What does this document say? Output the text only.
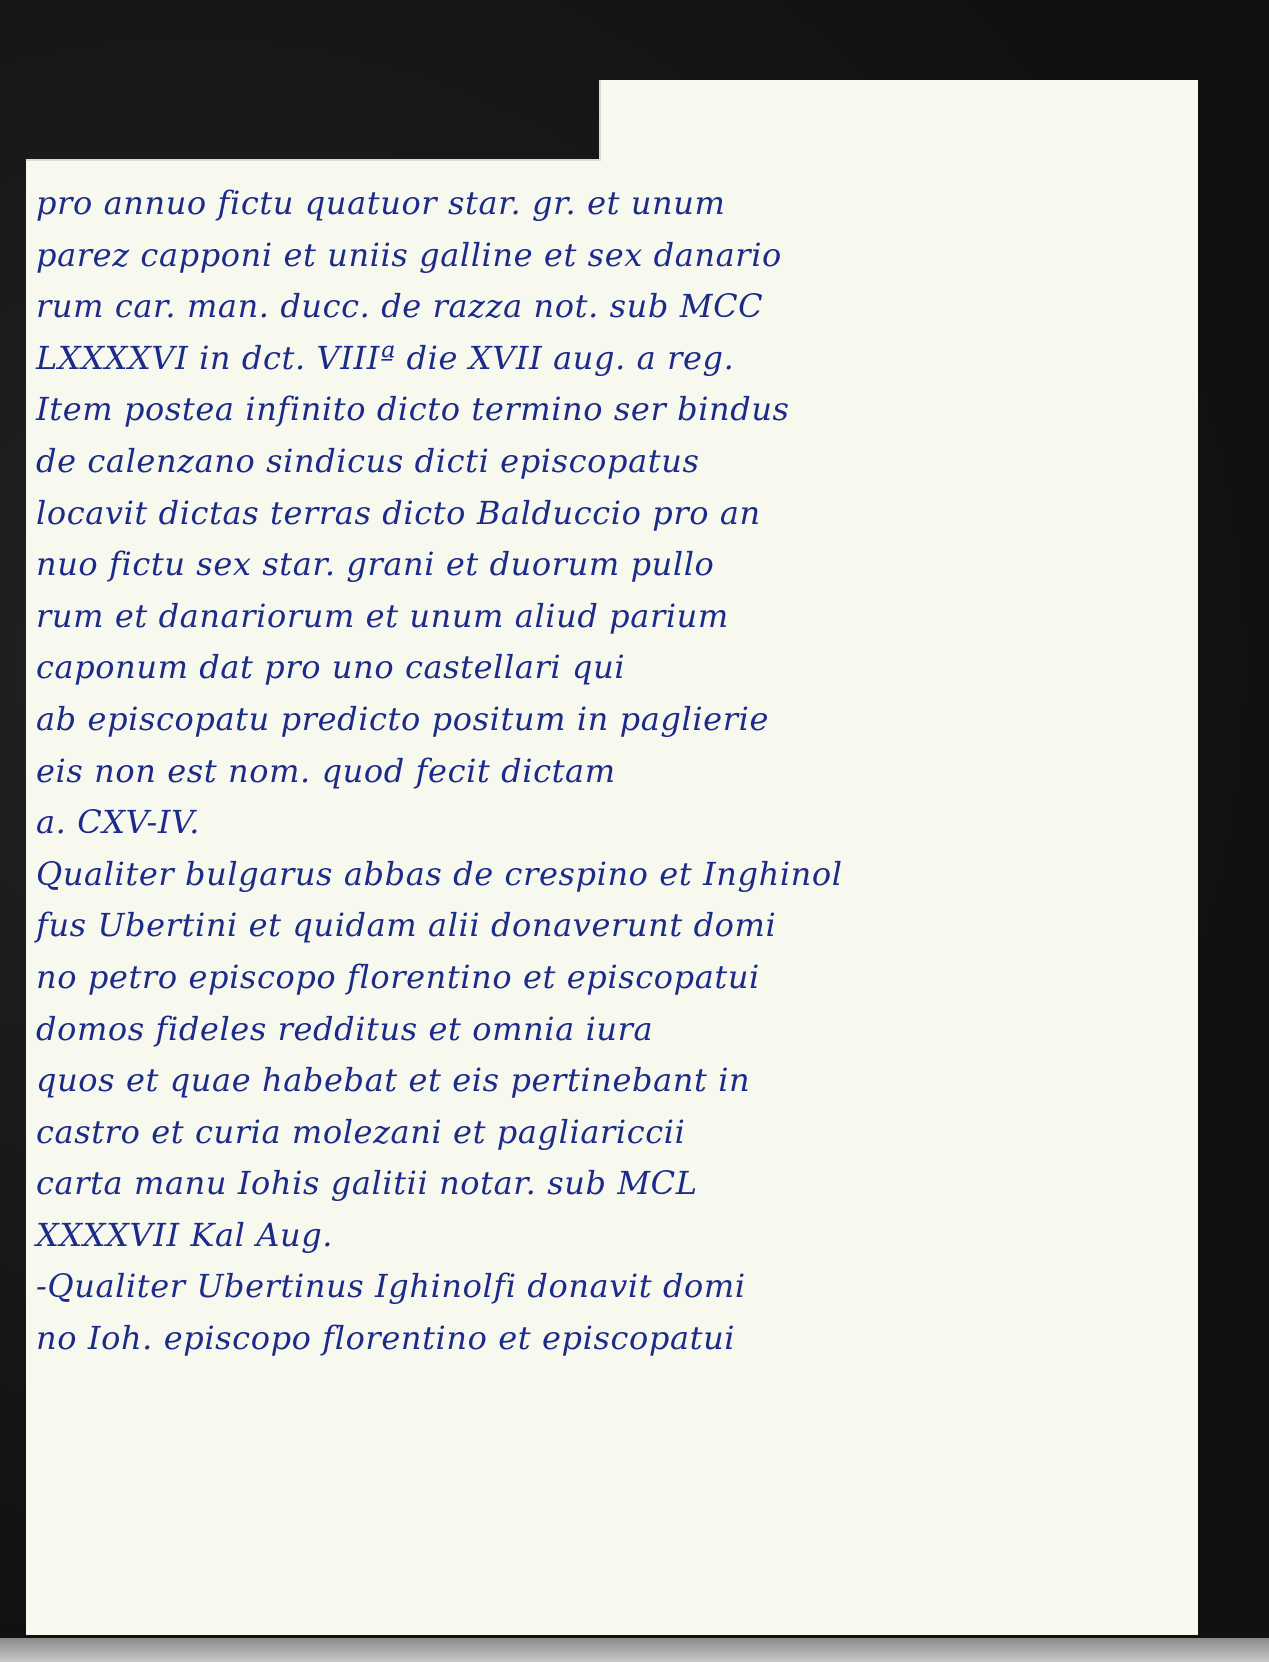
pro annuo fictu quatuor star. gr. et unum
parez capponi et uniis galline et sex danario
rum car. man. ducc. de razza not. sub MCC
LXXXXVI in dct. VIIIª die XVII aug. a reg.
Item postea infinito dicto termino ser bindus
de calenzano sindicus dicti episcopatus
locavit dictas terras dicto Balduccio pro an
nuo fictu sex star. grani et duorum pullo
rum et danariorum et unum aliud parium
caponum dat pro uno castellari qui
ab episcopatu predicto positum in paglierie
eis non est nom. quod fecit dictam
a. CXV-IV.
Qualiter bulgarus abbas de crespino et Inghinol
fus Ubertini et quidam alii donaverunt domi
no petro episcopo florentino et episcopatui
domos fideles redditus et omnia iura
quos et quae habebat et eis pertinebant in
castro et curia molezani et pagliariccii
carta manu Iohis galitii notar. sub MCL
XXXXVII Kal Aug.
-Qualiter Ubertinus Ighinolfi donavit domi
no Ioh. episcopo florentino et episcopatui
